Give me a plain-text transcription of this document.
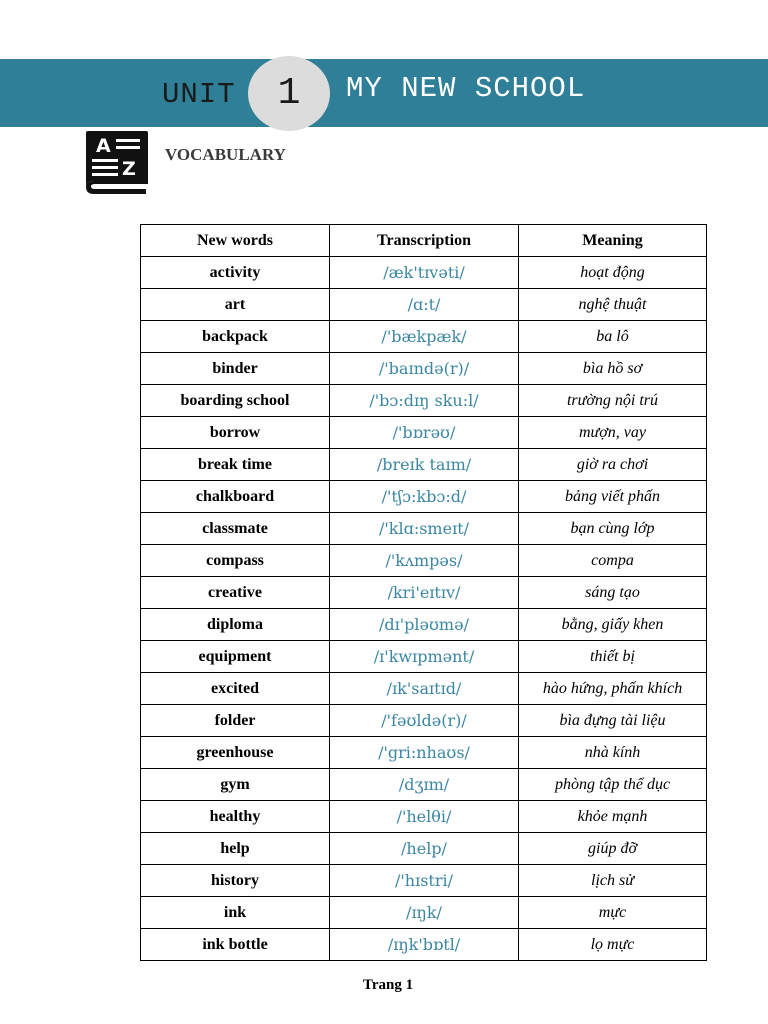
UNIT	1	MY NEW SCHOOL
A
Z
VOCABULARY
New words	Transcription	Meaning
activity	/æk'tɪvəti/	hoạt động
art	/ɑ:t/	nghệ thuật
backpack	/'bækpæk/	ba lô
binder	/'baɪndə(r)/	bìa hồ sơ
boarding school	/'bɔ:dɪŋ sku:l/	trường nội trú
borrow	/'bɒrəʊ/	mượn, vay
break time	/breɪk taɪm/	giờ ra chơi
chalkboard	/'tʃɔ:kbɔ:d/	bảng viết phấn
classmate	/'klɑ:smeɪt/	bạn cùng lớp
compass	/'kʌmpəs/	compa
creative	/kri'eɪtɪv/	sáng tạo
diploma	/dɪ'pləʊmə/	bằng, giấy khen
equipment	/ɪ'kwɪpmənt/	thiết bị
excited	/ɪk'saɪtɪd/	hào hứng, phấn khích
folder	/'fəʊldə(r)/	bìa đựng tài liệu
greenhouse	/'gri:nhaʊs/	nhà kính
gym	/dʒɪm/	phòng tập thể dục
healthy	/'helθi/	khỏe mạnh
help	/help/	giúp đỡ
history	/'hɪstri/	lịch sử
ink	/ɪŋk/	mực
ink bottle	/ɪŋk'bɒtl/	lọ mực
Trang 1
